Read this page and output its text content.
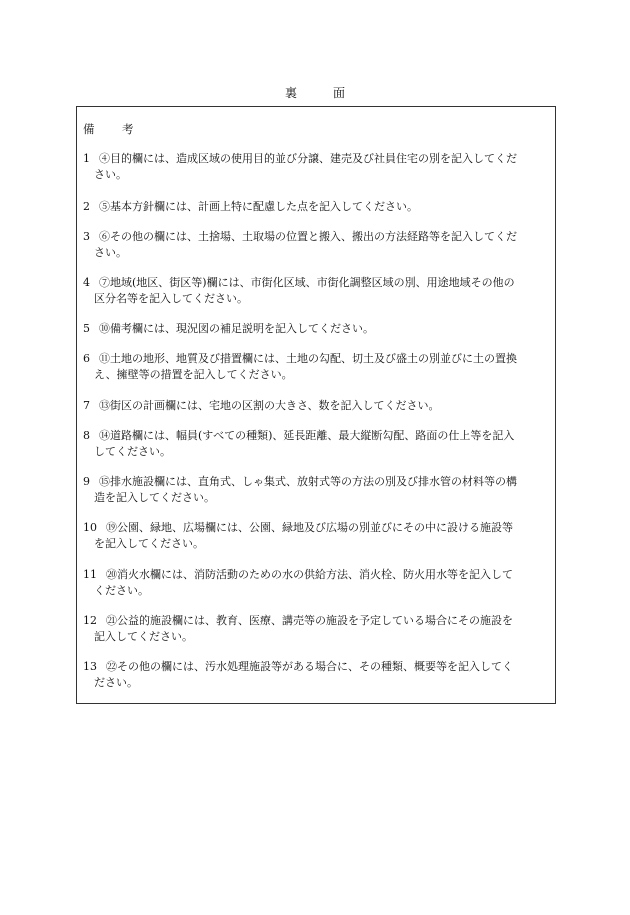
裏　面
備　考
1 ④目的欄には、造成区域の使用目的並び分譲、建売及び社員住宅の別を記入してくだ
さい。
2 ⑤基本方針欄には、計画上特に配慮した点を記入してください。
3 ⑥その他の欄には、土捨場、土取場の位置と搬入、搬出の方法経路等を記入してくだ
さい。
4 ⑦地域(地区、街区等)欄には、市街化区域、市街化調整区域の別、用途地域その他の
区分名等を記入してください。
5 ⑩備考欄には、現況図の補足説明を記入してください。
6 ⑪土地の地形、地質及び措置欄には、土地の勾配、切土及び盛土の別並びに土の置換
え、擁壁等の措置を記入してください。
7 ⑬街区の計画欄には、宅地の区割の大きさ、数を記入してください。
8 ⑭道路欄には、幅員(すべての種類)、延長距離、最大縦断勾配、路面の仕上等を記入
してください。
9 ⑮排水施設欄には、直角式、しゃ集式、放射式等の方法の別及び排水管の材料等の構
造を記入してください。
10 ⑲公園、緑地、広場欄には、公園、緑地及び広場の別並びにその中に設ける施設等
を記入してください。
11 ⑳消火水欄には、消防活動のための水の供給方法、消火栓、防火用水等を記入して
ください。
12 ㉑公益的施設欄には、教育、医療、講売等の施設を予定している場合にその施設を
記入してください。
13 ㉒その他の欄には、汚水処理施設等がある場合に、その種類、概要等を記入してく
ださい。
